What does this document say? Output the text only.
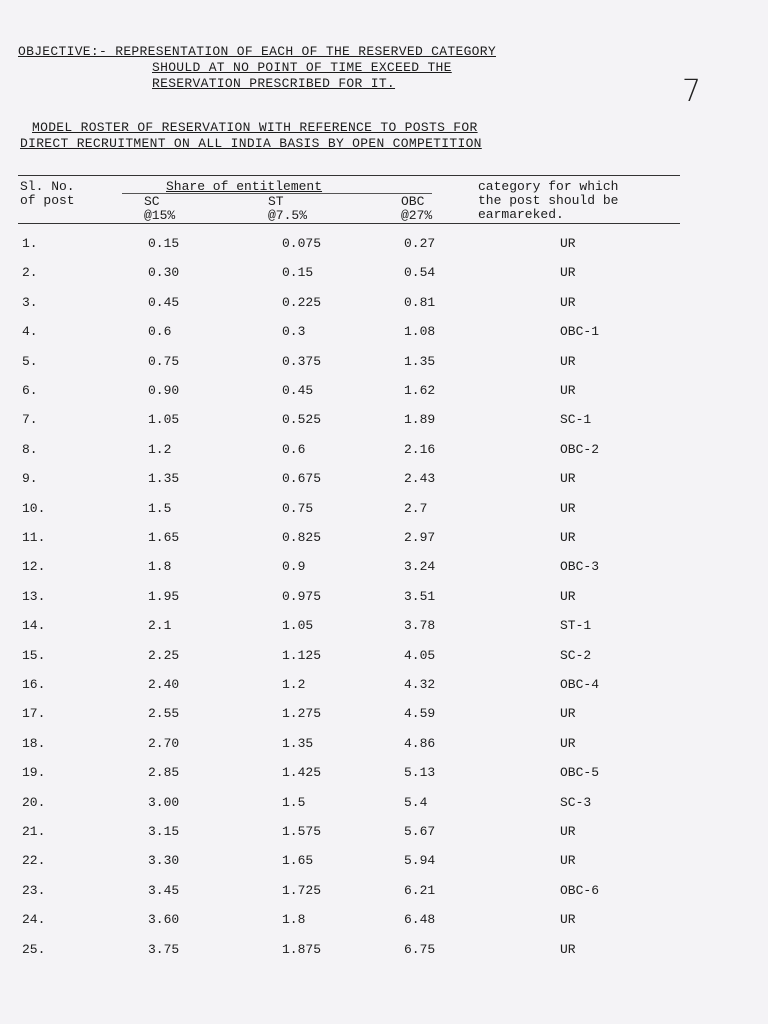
7
OBJECTIVE:- REPRESENTATION OF EACH OF THE RESERVED CATEGORY
SHOULD AT NO POINT OF TIME EXCEED THE
RESERVATION PRESCRIBED FOR IT.
MODEL ROSTER OF RESERVATION WITH REFERENCE TO POSTS FOR
DIRECT RECRUITMENT ON ALL INDIA BASIS BY OPEN COMPETITION
Sl. No.
of post
Share of entitlement
SC
@15%
ST
@7.5%
OBC
@27%
category for which
the post should be
earmareked.
1.	0.15	0.075	0.27	UR
2.	0.30	0.15	0.54	UR
3.	0.45	0.225	0.81	UR
4.	0.6	0.3	1.08	OBC-1
5.	0.75	0.375	1.35	UR
6.	0.90	0.45	1.62	UR
7.	1.05	0.525	1.89	SC-1
8.	1.2	0.6	2.16	OBC-2
9.	1.35	0.675	2.43	UR
10.	1.5	0.75	2.7	UR
11.	1.65	0.825	2.97	UR
12.	1.8	0.9	3.24	OBC-3
13.	1.95	0.975	3.51	UR
14.	2.1	1.05	3.78	ST-1
15.	2.25	1.125	4.05	SC-2
16.	2.40	1.2	4.32	OBC-4
17.	2.55	1.275	4.59	UR
18.	2.70	1.35	4.86	UR
19.	2.85	1.425	5.13	OBC-5
20.	3.00	1.5	5.4	SC-3
21.	3.15	1.575	5.67	UR
22.	3.30	1.65	5.94	UR
23.	3.45	1.725	6.21	OBC-6
24.	3.60	1.8	6.48	UR
25.	3.75	1.875	6.75	UR
